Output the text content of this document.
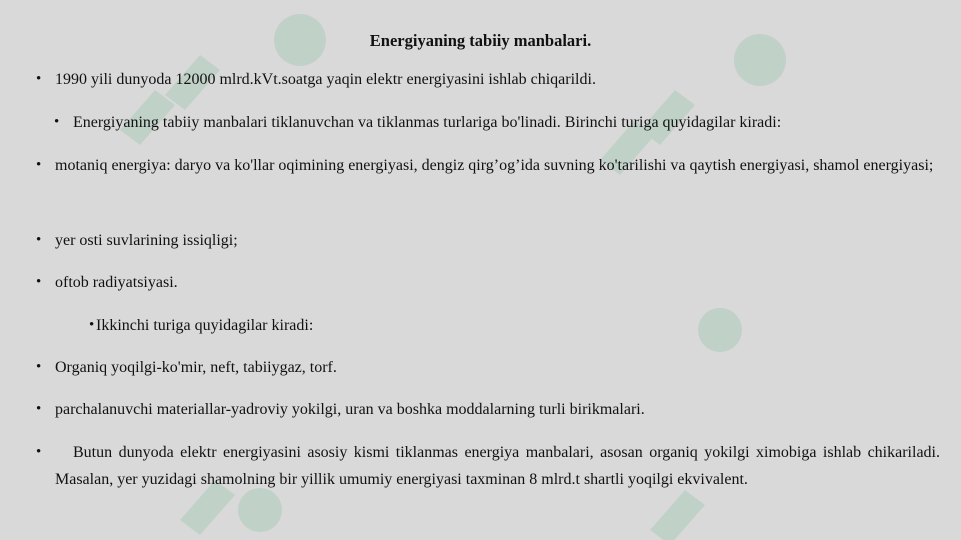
Energiyaning tabiiy manbalari.
• 1990 yili dunyoda 12000 mlrd.kVt.soatga yaqin elektr energiyasini ishlab chiqarildi.
• Energiyaning tabiiy manbalari tiklanuvchan va tiklanmas turlariga bo'linadi. Birinchi turiga quyidagilar kiradi:
• motaniq energiya: daryo va ko'llar oqimining energiyasi, dengiz qirg’og’ida suvning ko'tarilishi va qaytish energiyasi, shamol energiyasi;
• yer osti suvlarining issiqligi;
• oftob radiyatsiyasi.
• Ikkinchi turiga quyidagilar kiradi:
• Organiq yoqilgi-ko'mir, neft, tabiiygaz, torf.
• parchalanuvchi materiallar-yadroviy yokilgi, uran va boshka moddalarning turli birikmalari.
• Butun dunyoda elektr energiyasini asosiy kismi tiklanmas energiya manbalari, asosan organiq yokilgi ximobiga ishlab chikariladi. Masalan, yer yuzidagi shamolning bir yillik umumiy energiyasi taxminan 8 mlrd.t shartli yoqilgi ekvivalent.
